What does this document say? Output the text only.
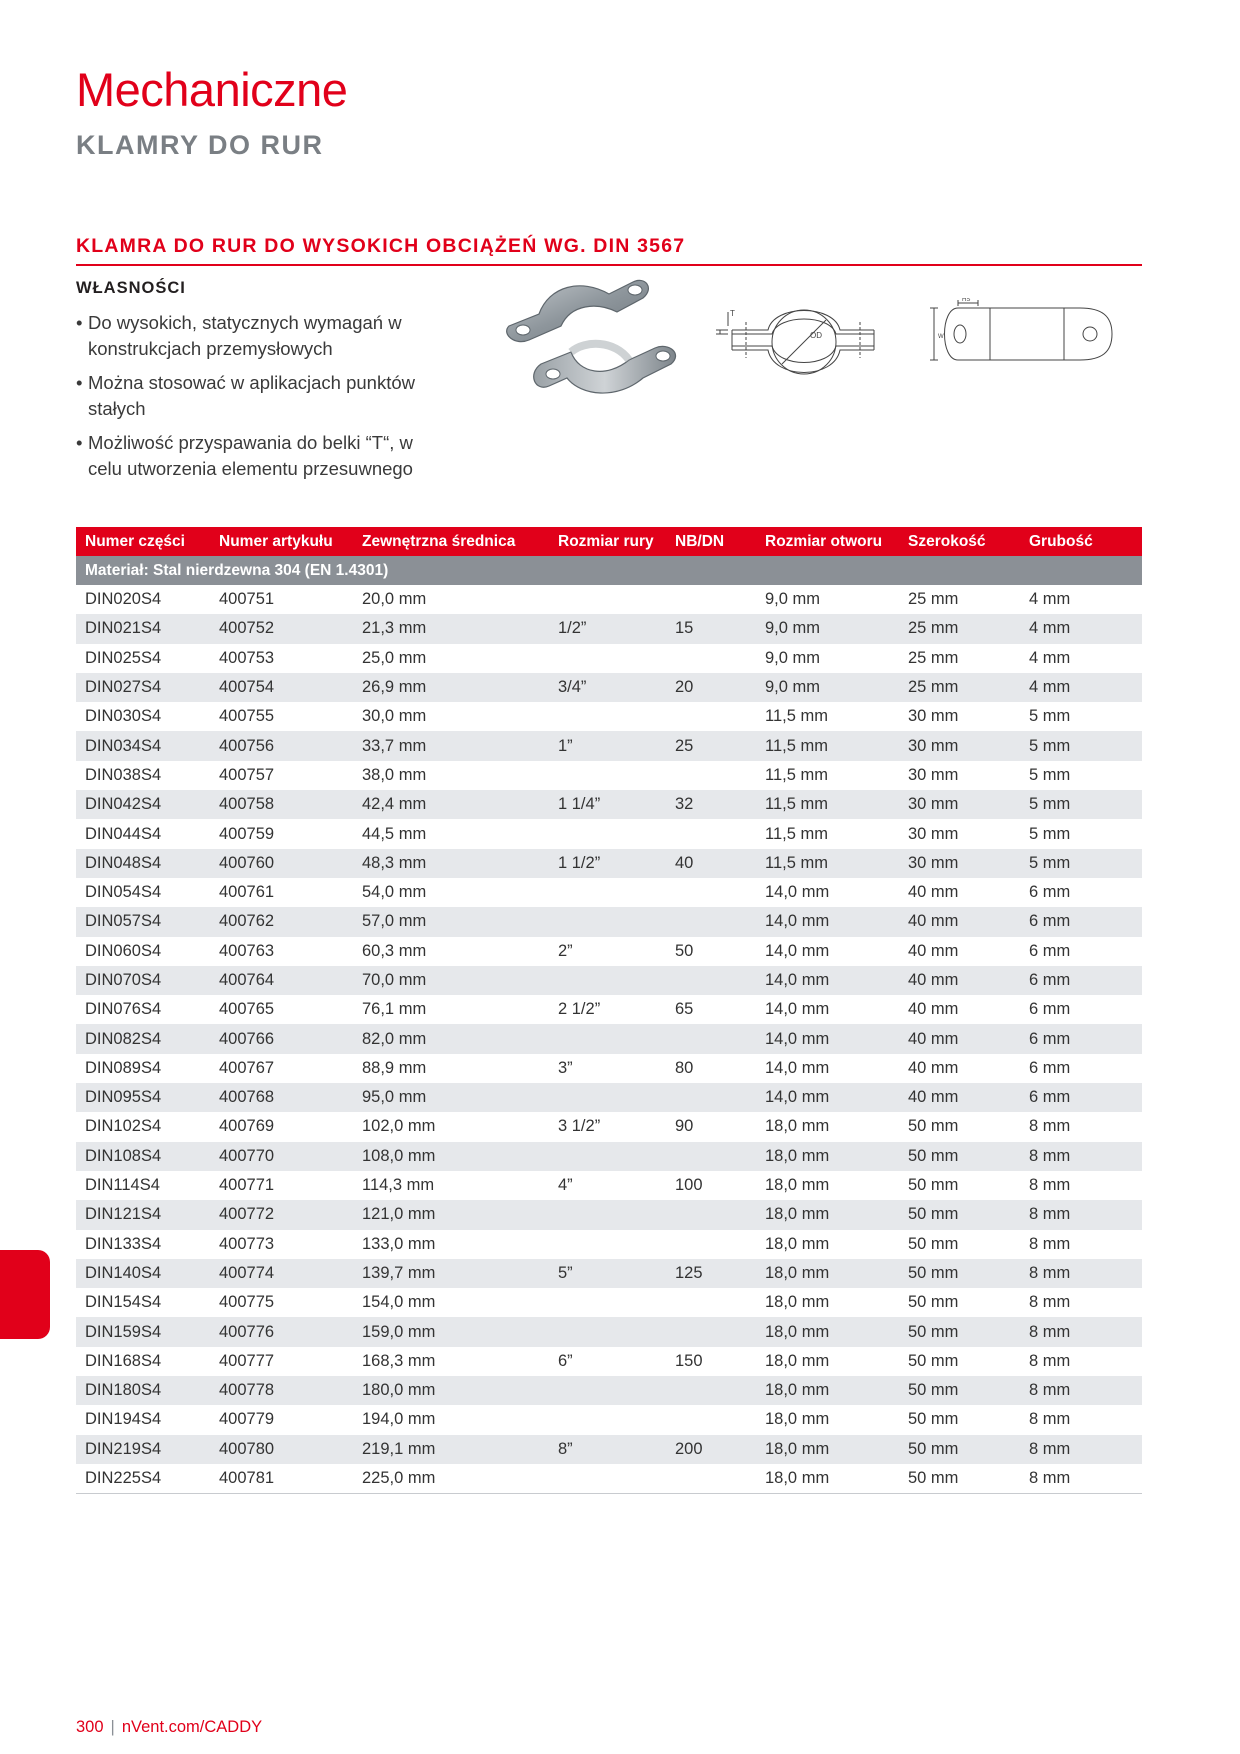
Mechaniczne
KLAMRY DO RUR
KLAMRA DO RUR DO WYSOKICH OBCIĄŻEŃ WG. DIN 3567
WŁASNOŚCI
• Do wysokich, statycznych wymagań w konstrukcjach przemysłowych
• Można stosować w aplikacjach punktów stałych
• Możliwość przyspawania do belki “T“, w celu utworzenia elementu przesuwnego
T
OD
HS
W
Numer części	Numer artykułu	Zewnętrzna średnica	Rozmiar rury	NB/DN	Rozmiar otworu	Szerokość	Grubość
Materiał: Stal nierdzewna 304 (EN 1.4301)							
DIN020S4	400751	20,0 mm			9,0 mm	25 mm	4 mm
DIN021S4	400752	21,3 mm	1/2”	15	9,0 mm	25 mm	4 mm
DIN025S4	400753	25,0 mm			9,0 mm	25 mm	4 mm
DIN027S4	400754	26,9 mm	3/4”	20	9,0 mm	25 mm	4 mm
DIN030S4	400755	30,0 mm			11,5 mm	30 mm	5 mm
DIN034S4	400756	33,7 mm	1”	25	11,5 mm	30 mm	5 mm
DIN038S4	400757	38,0 mm			11,5 mm	30 mm	5 mm
DIN042S4	400758	42,4 mm	1 1/4”	32	11,5 mm	30 mm	5 mm
DIN044S4	400759	44,5 mm			11,5 mm	30 mm	5 mm
DIN048S4	400760	48,3 mm	1 1/2”	40	11,5 mm	30 mm	5 mm
DIN054S4	400761	54,0 mm			14,0 mm	40 mm	6 mm
DIN057S4	400762	57,0 mm			14,0 mm	40 mm	6 mm
DIN060S4	400763	60,3 mm	2”	50	14,0 mm	40 mm	6 mm
DIN070S4	400764	70,0 mm			14,0 mm	40 mm	6 mm
DIN076S4	400765	76,1 mm	2 1/2”	65	14,0 mm	40 mm	6 mm
DIN082S4	400766	82,0 mm			14,0 mm	40 mm	6 mm
DIN089S4	400767	88,9 mm	3”	80	14,0 mm	40 mm	6 mm
DIN095S4	400768	95,0 mm			14,0 mm	40 mm	6 mm
DIN102S4	400769	102,0 mm	3 1/2”	90	18,0 mm	50 mm	8 mm
DIN108S4	400770	108,0 mm			18,0 mm	50 mm	8 mm
DIN114S4	400771	114,3 mm	4”	100	18,0 mm	50 mm	8 mm
DIN121S4	400772	121,0 mm			18,0 mm	50 mm	8 mm
DIN133S4	400773	133,0 mm			18,0 mm	50 mm	8 mm
DIN140S4	400774	139,7 mm	5”	125	18,0 mm	50 mm	8 mm
DIN154S4	400775	154,0 mm			18,0 mm	50 mm	8 mm
DIN159S4	400776	159,0 mm			18,0 mm	50 mm	8 mm
DIN168S4	400777	168,3 mm	6”	150	18,0 mm	50 mm	8 mm
DIN180S4	400778	180,0 mm			18,0 mm	50 mm	8 mm
DIN194S4	400779	194,0 mm			18,0 mm	50 mm	8 mm
DIN219S4	400780	219,1 mm	8”	200	18,0 mm	50 mm	8 mm
DIN225S4	400781	225,0 mm			18,0 mm	50 mm	8 mm
300 | nVent.com/CADDY
